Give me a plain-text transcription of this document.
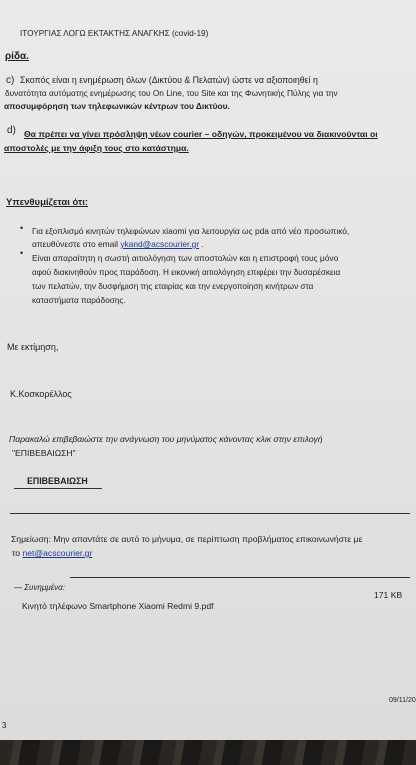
ΙΤΟΥΡΓΙΑΣ ΛΟΓΩ ΕΚΤΑΚΤΗΣ ΑΝΑΓΚΗΣ (covid-19)
ρίδα.
c) Σκοπός είναι η ενημέρωση όλων (Δικτύου & Πελατών) ώστε να αξιοποιηθεί η
δυνατότητα αυτόματης ενημέρωσης του On Line, του Site και της Φωνητικής Πύλης για την
αποσυμφόρηση των τηλεφωνικών κέντρων του Δικτύου.
d) Θα πρέπει να γίνει πρόσληψη νέων courier – οδηγών, προκειμένου να διακινούνται οι
αποστολές με την άφιξη τους στο κατάστημα.
Υπενθυμίζεται ότι:
• Για εξοπλισμό κινητών τηλεφώνων xiaomi για λειτουργία ως pda από νέο προσωπικό,
απευθύνεστε στο email ykand@acscourier.gr .
• Είναι απαραίτητη η σωστή αιτιολόγηση των αποστολών και η επιστροφή τους μόνο
αφού διακινηθούν προς παράδοση. Η εικονική αιτιολόγηση επιφέρει την δυσαρέσκεια
των πελατών, την δυσφήμιση της εταιρίας και την ενεργοποίηση κινήτρων στα
καταστήματα παράδοσης.
Με εκτίμηση,
Κ.Κοσκορέλλος
Παρακαλώ επιβεβαιώστε την ανάγνωση του μηνύματος κάνοντας κλικ στην επιλογή
"ΕΠΙΒΕΒΑΙΩΣΗ"
ΕΠΙΒΕΒΑΙΩΣΗ
Σημείωση: Μην απαντάτε σε αυτό το μήνυμα, σε περίπτωση προβλήματος επικοινωνήστε με
το net@acscourier.gr
— Συνημμένα:
171 KB
Κινητό τηλέφωνο Smartphone Xiaomi Redmi 9.pdf
09/11/20
3
